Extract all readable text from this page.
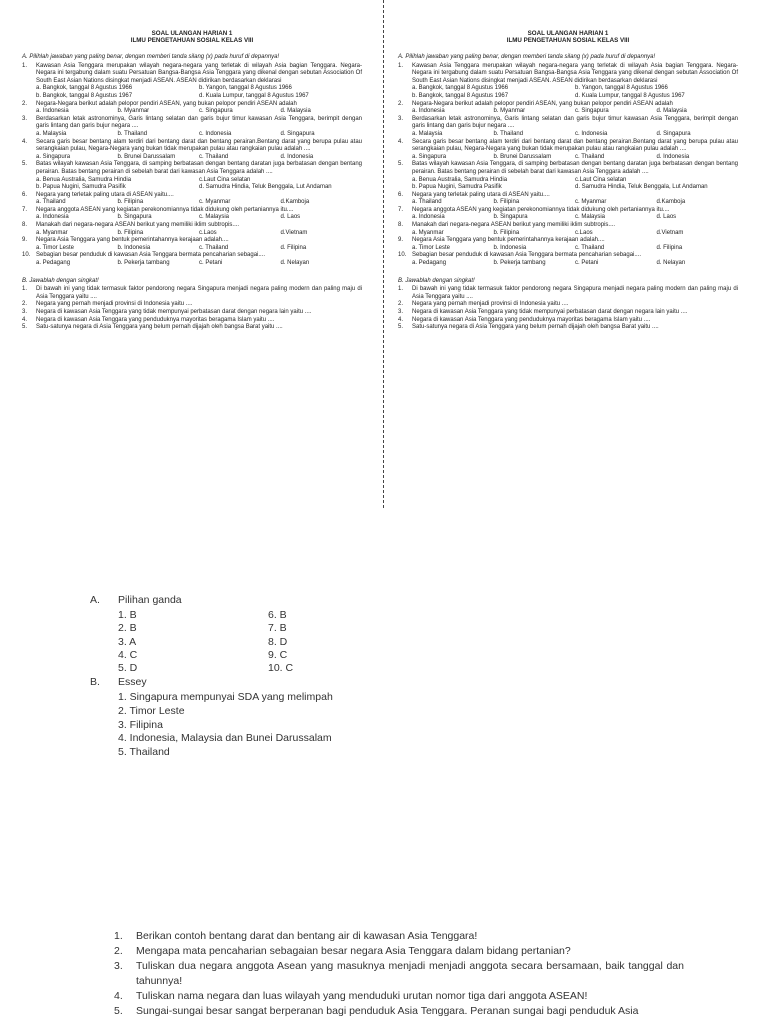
SOAL ULANGAN HARIAN 1
ILMU PENGETAHUAN SOSIAL KELAS VIII
A. Pilihlah jawaban yang paling benar, dengan memberi tanda silang (x) pada huruf di depannya!
1.	Kawasan Asia Tenggara merupakan wilayah negara-negara yang terletak di wilayah Asia bagian Tenggara. Negara-Negara ini tergabung dalam suatu Persatuan Bangsa-Bangsa Asia Tenggara yang dikenal dengan sebutan Association Of South East Asian Nations disingkat menjadi ASEAN. ASEAN didirikan berdasarkan deklarasi
a. Bangkok, tanggal 8 Agustus 1966	b. Yangon, tanggal 8 Agustus 1966
b. Bangkok, tanggal 8 Agustus 1967	d. Kuala Lumpur, tanggal 8 Agustus 1967
2.	Negara-Negara berikut adalah pelopor pendiri ASEAN, yang bukan pelopor pendiri ASEAN adalah
a. Indonesia	b. Myanmar	c. Singapura	d. Malaysia
3.	Berdasarkan letak astronominya, Garis lintang selatan dan garis bujur timur kawasan Asia Tenggara, berimpit dengan garis lintang dan garis bujur negara ....
a. Malaysia	b. Thailand	c. Indonesia	d. Singapura
4.	Secara garis besar bentang alam terdiri dari bentang darat dan bentang perairan.Bentang darat yang berupa pulau atau serangkaian pulau, Negara-Negara yang bukan tidak merupakan pulau atau rangkaian pulau adalah ....
a. Singapura	b. Brunei Darussalam	c. Thailand	d. Indonesia
5.	Batas wilayah kawasan Asia Tenggara, di samping berbatasan dengan bentang daratan juga berbatasan dengan bentang perairan. Batas bentang perairan di sebelah barat dari kawasan Asia Tenggara adalah ....
a. Benua Australia, Samudra Hindia	c.Laut Cina selatan
b. Papua Nugini, Samudra Pasifik	d. Samudra Hindia, Teluk Benggala, Lut Andaman
6.	Negara yang terletak paling utara di ASEAN yaitu....
a. Thailand	b. Filipina	c. Myanmar	d.Kamboja
7.	Negara anggota ASEAN yang kegiatan perekonomiannya tidak didukung oleh pertaniannya itu....
a. Indonesia	b. Singapura	c. Malaysia	d. Laos
8.	Manakah dari negara-negara ASEAN berikut yang memiliki iklim subtropis....
a. Myanmar	b. Filipina	c.Laos	d.Vietnam
9.	Negara Asia Tenggara yang bentuk pemerintahannya kerajaan adalah....
a. Timor Leste	b. Indonesia	c. Thailand	d. Filipina
10. Sebagian besar penduduk di kawasan Asia Tenggara bermata pencaharian sebagai....
a. Pedagang	b. Pekerja tambang	c. Petani	d. Nelayan
B. Jawablah dengan singkat!
1.	Di bawah ini yang tidak termasuk faktor pendorong negara Singapura menjadi negara paling modern dan paling maju di Asia Tenggara yaitu ....
2.	Negara yang pernah menjadi provinsi di Indonesia yaitu ....
3.	Negara di kawasan Asia Tenggara yang tidak mempunyai perbatasan darat dengan negara lain yaitu ....
4.	Negara di kawasan Asia Tenggara yang penduduknya mayoritas beragama Islam yaitu ....
5.	Satu-satunya negara di Asia Tenggara yang belum pernah dijajah oleh bangsa Barat yaitu ....
SOAL ULANGAN HARIAN 1
ILMU PENGETAHUAN SOSIAL KELAS VIII
A. Pilihlah jawaban yang paling benar, dengan memberi tanda silang (x) pada huruf di depannya!
1.	Kawasan Asia Tenggara merupakan wilayah negara-negara yang terletak di wilayah Asia bagian Tenggara. Negara-Negara ini tergabung dalam suatu Persatuan Bangsa-Bangsa Asia Tenggara yang dikenal dengan sebutan Association Of South East Asian Nations disingkat menjadi ASEAN. ASEAN didirikan berdasarkan deklarasi
a. Bangkok, tanggal 8 Agustus 1966	b. Yangon, tanggal 8 Agustus 1966
b. Bangkok, tanggal 8 Agustus 1967	d. Kuala Lumpur, tanggal 8 Agustus 1967
2.	Negara-Negara berikut adalah pelopor pendiri ASEAN, yang bukan pelopor pendiri ASEAN adalah
a. Indonesia	b. Myanmar	c. Singapura	d. Malaysia
3.	Berdasarkan letak astronominya, Garis lintang selatan dan garis bujur timur kawasan Asia Tenggara, berimpit dengan garis lintang dan garis bujur negara ....
a. Malaysia	b. Thailand	c. Indonesia	d. Singapura
4.	Secara garis besar bentang alam terdiri dari bentang darat dan bentang perairan.Bentang darat yang berupa pulau atau serangkaian pulau, Negara-Negara yang bukan tidak merupakan pulau atau rangkaian pulau adalah ....
a. Singapura	b. Brunei Darussalam	c. Thailand	d. Indonesia
5.	Batas wilayah kawasan Asia Tenggara, di samping berbatasan dengan bentang daratan juga berbatasan dengan bentang perairan. Batas bentang perairan di sebelah barat dari kawasan Asia Tenggara adalah ....
a. Benua Australia, Samudra Hindia	c.Laut Cina selatan
b. Papua Nugini, Samudra Pasifik	d. Samudra Hindia, Teluk Benggala, Lut Andaman
6.	Negara yang terletak paling utara di ASEAN yaitu....
a. Thailand	b. Filipina	c. Myanmar	d.Kamboja
7.	Negara anggota ASEAN yang kegiatan perekonomiannya tidak didukung oleh pertaniannya itu....
a. Indonesia	b. Singapura	c. Malaysia	d. Laos
8.	Manakah dari negara-negara ASEAN berikut yang memiliki iklim subtropis....
a. Myanmar	b. Filipina	c.Laos	d.Vietnam
9.	Negara Asia Tenggara yang bentuk pemerintahannya kerajaan adalah....
a. Timor Leste	b. Indonesia	c. Thailand	d. Filipina
10. Sebagian besar penduduk di kawasan Asia Tenggara bermata pencaharian sebagai....
a. Pedagang	b. Pekerja tambang	c. Petani	d. Nelayan
B. Jawablah dengan singkat!
1.	Di bawah ini yang tidak termasuk faktor pendorong negara Singapura menjadi negara paling modern dan paling maju di Asia Tenggara yaitu ....
2.	Negara yang pernah menjadi provinsi di Indonesia yaitu ....
3.	Negara di kawasan Asia Tenggara yang tidak mempunyai perbatasan darat dengan negara lain yaitu ....
4.	Negara di kawasan Asia Tenggara yang penduduknya mayoritas beragama Islam yaitu ....
5.	Satu-satunya negara di Asia Tenggara yang belum pernah dijajah oleh bangsa Barat yaitu ....
A.	Pilihan ganda
1. B	6. B
2. B	7. B
3. A	8. D
4. C	9. C
5. D	10. C
B.	Essey
1. Singapura mempunyai SDA yang melimpah
2. Timor Leste
3. Filipina
4. Indonesia, Malaysia dan Bunei Darussalam
5. Thailand
1.	Berikan contoh bentang darat dan bentang air di kawasan Asia Tenggara!
2.	Mengapa mata pencaharian sebagaian besar negara Asia Tenggara dalam bidang pertanian?
3.	Tuliskan dua negara anggota Asean yang masuknya menjadi menjadi anggota secara bersamaan, baik tanggal dan tahunnya!
4.	Tuliskan nama negara dan luas wilayah yang menduduki urutan nomor tiga dari anggota ASEAN!
5.	Sungai-sungai besar sangat berperanan bagi penduduk Asia Tenggara. Peranan sungai bagi penduduk Asia
